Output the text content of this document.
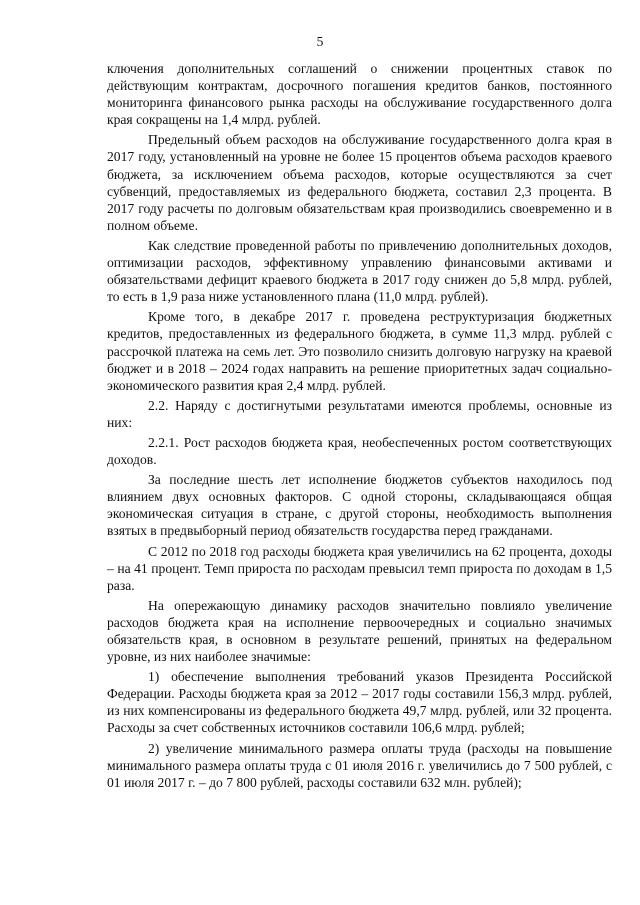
5

ключения дополнительных соглашений о снижении процентных ставок по действующим контрактам, досрочного погашения кредитов банков, постоянного мониторинга финансового рынка расходы на обслуживание государственного долга края сокращены на 1,4 млрд. рублей.

Предельный объем расходов на обслуживание государственного долга края в 2017 году, установленный на уровне не более 15 процентов объема расходов краевого бюджета, за исключением объема расходов, которые осуществляются за счет субвенций, предоставляемых из федерального бюджета, составил 2,3 процента. В 2017 году расчеты по долговым обязательствам края производились своевременно и в полном объеме.

Как следствие проведенной работы по привлечению дополнительных доходов, оптимизации расходов, эффективному управлению финансовыми активами и обязательствами дефицит краевого бюджета в 2017 году снижен до 5,8 млрд. рублей, то есть в 1,9 раза ниже установленного плана (11,0 млрд. рублей).

Кроме того, в декабре 2017 г. проведена реструктуризация бюджетных кредитов, предоставленных из федерального бюджета, в сумме 11,3 млрд. рублей с рассрочкой платежа на семь лет. Это позволило снизить долговую нагрузку на краевой бюджет и в 2018 – 2024 годах направить на решение приоритетных задач социально-экономического развития края 2,4 млрд. рублей.

2.2. Наряду с достигнутыми результатами имеются проблемы, основные из них:

2.2.1. Рост расходов бюджета края, необеспеченных ростом соответствующих доходов.

За последние шесть лет исполнение бюджетов субъектов находилось под влиянием двух основных факторов. С одной стороны, складывающаяся общая экономическая ситуация в стране, с другой стороны, необходимость выполнения взятых в предвыборный период обязательств государства перед гражданами.

С 2012 по 2018 год расходы бюджета края увеличились на 62 процента, доходы – на 41 процент. Темп прироста по расходам превысил темп прироста по доходам в 1,5 раза.

На опережающую динамику расходов значительно повлияло увеличение расходов бюджета края на исполнение первоочередных и социально значимых обязательств края, в основном в результате решений, принятых на федеральном уровне, из них наиболее значимые:

1) обеспечение выполнения требований указов Президента Российской Федерации. Расходы бюджета края за 2012 – 2017 годы составили 156,3 млрд. рублей, из них компенсированы из федерального бюджета 49,7 млрд. рублей, или 32 процента. Расходы за счет собственных источников составили 106,6 млрд. рублей;

2) увеличение минимального размера оплаты труда (расходы на повышение минимального размера оплаты труда с 01 июля 2016 г. увеличились до 7 500 рублей, с 01 июля 2017 г. – до 7 800 рублей, расходы составили 632 млн. рублей);
